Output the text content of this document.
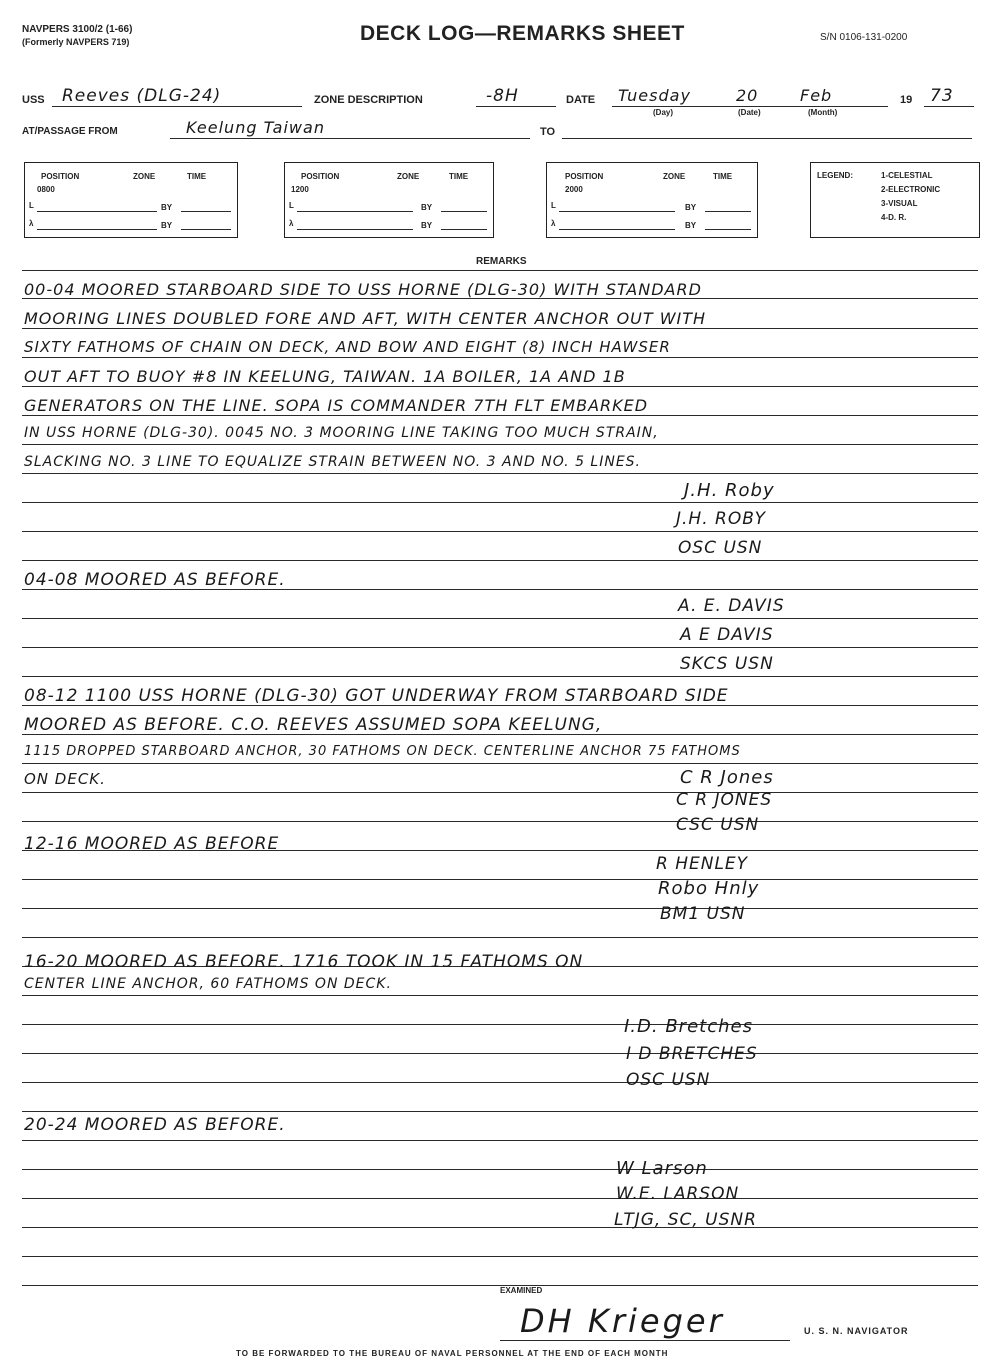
NAVPERS 3100/2 (1-66)
(Formerly NAVPERS 719)	DECK LOG—REMARKS SHEET	S/N 0106-131-0200
USS Reeves (DLG-24)	ZONE DESCRIPTION	-8H	DATE Tuesday	20	Feb	19 73
(Day)	(Date)	(Month)
AT/PASSAGE FROM	Keelung Taiwan	TO
POSITION	ZONE	TIME
0800
L	BY
λ	BY
POSITION	ZONE	TIME
1200
L	BY
λ	BY
POSITION	ZONE	TIME
2000
L	BY
λ	BY
LEGEND:	1-CELESTIAL
2-ELECTRONIC
3-VISUAL
4-D. R.
REMARKS
00-04 MOORED STARBOARD SIDE TO USS HORNE (DLG-30) WITH STANDARD
MOORING LINES DOUBLED FORE AND AFT, WITH CENTER ANCHOR OUT WITH
SIXTY FATHOMS OF CHAIN ON DECK, AND BOW AND EIGHT (8) INCH HAWSER
OUT AFT TO BUOY #8 IN KEELUNG, TAIWAN. 1A BOILER, 1A AND 1B
GENERATORS ON THE LINE. SOPA IS COMMANDER 7TH FLT EMBARKED
IN USS HORNE (DLG-30). 0045 NO. 3 MOORING LINE TAKING TOO MUCH STRAIN,
SLACKING NO. 3 LINE TO EQUALIZE STRAIN BETWEEN NO. 3 AND NO. 5 LINES.
J.H. Roby
J.H. ROBY
OSC USN
04-08 MOORED AS BEFORE.
A. E. DAVIS
A E DAVIS
SKCS USN
08-12 1100 USS HORNE (DLG-30) GOT UNDERWAY FROM STARBOARD SIDE
MOORED AS BEFORE. C.O. REEVES ASSUMED SOPA KEELUNG,
1115 DROPPED STARBOARD ANCHOR, 30 FATHOMS ON DECK. CENTERLINE ANCHOR 75 FATHOMS
ON DECK.	C R Jones
C R JONES
CSC USN
12-16 MOORED AS BEFORE
R HENLEY
Robo Hnly
BM1 USN
16-20 MOORED AS BEFORE. 1716 TOOK IN 15 FATHOMS ON
CENTER LINE ANCHOR, 60 FATHOMS ON DECK.
I.D. Bretches
I D BRETCHES
OSC USN
20-24 MOORED AS BEFORE.
W Larson
W.E. LARSON
LTJG, SC, USNR
EXAMINED
DH Krieger	U. S. N. NAVIGATOR
TO BE FORWARDED TO THE BUREAU OF NAVAL PERSONNEL AT THE END OF EACH MONTH
